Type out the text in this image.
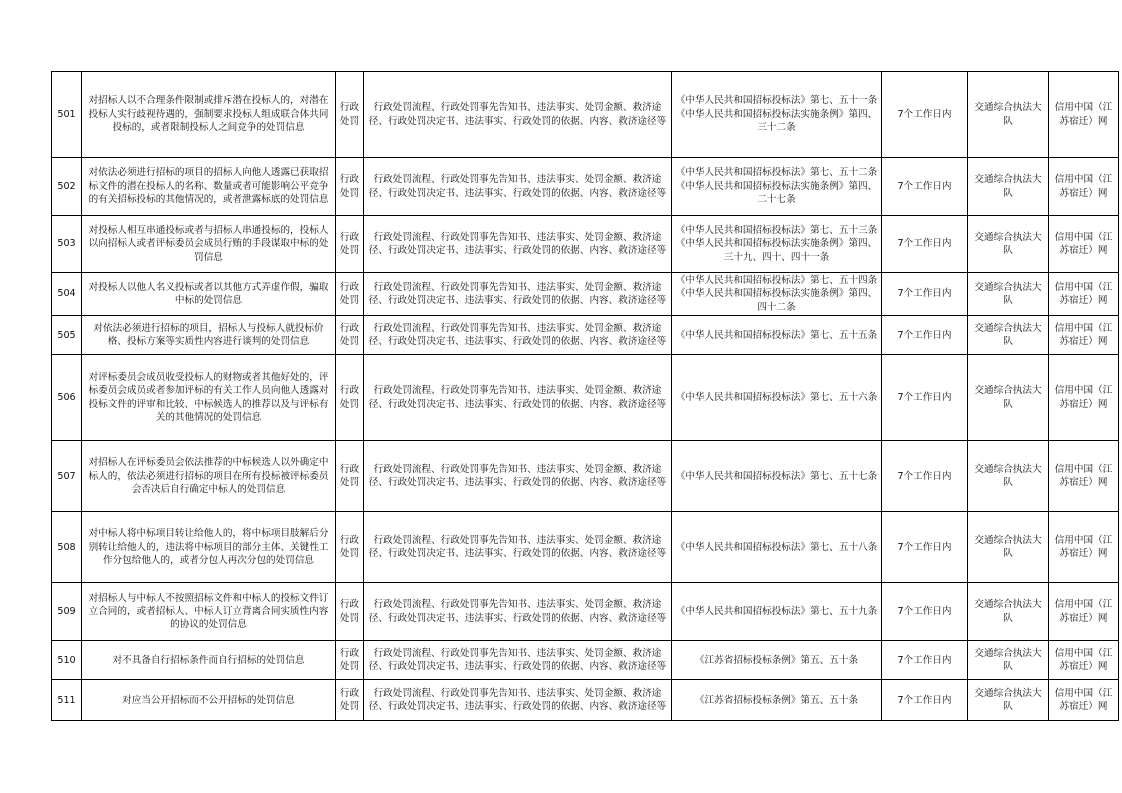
501	对招标人以不合理条件限制或排斥潜在投标人的，对潜在投标人实行歧视待遇的，强制要求投标人组成联合体共同投标的，或者限制投标人之间竞争的处罚信息	行政处罚	行政处罚流程、行政处罚事先告知书、违法事实、处罚金额、救济途径、行政处罚决定书、违法事实、行政处罚的依据、内容、救济途径等	《中华人民共和国招标投标法》第七、五十一条《中华人民共和国招标投标法实施条例》第四、三十二条	7个工作日内	交通综合执法大队	信用中国（江苏宿迁）网
502	对依法必须进行招标的项目的招标人向他人透露已获取招标文件的潜在投标人的名称、数量或者可能影响公平竞争的有关招标投标的其他情况的，或者泄露标底的处罚信息	行政处罚	行政处罚流程、行政处罚事先告知书、违法事实、处罚金额、救济途径、行政处罚决定书、违法事实、行政处罚的依据、内容、救济途径等	《中华人民共和国招标投标法》第七、五十二条《中华人民共和国招标投标法实施条例》第四、二十七条	7个工作日内	交通综合执法大队	信用中国（江苏宿迁）网
503	对投标人相互串通投标或者与招标人串通投标的，投标人以向招标人或者评标委员会成员行贿的手段谋取中标的处罚信息	行政处罚	行政处罚流程、行政处罚事先告知书、违法事实、处罚金额、救济途径、行政处罚决定书、违法事实、行政处罚的依据、内容、救济途径等	《中华人民共和国招标投标法》第七、五十三条《中华人民共和国招标投标法实施条例》第四、三十九、四十、四十一条	7个工作日内	交通综合执法大队	信用中国（江苏宿迁）网
504	对投标人以他人名义投标或者以其他方式弄虚作假，骗取中标的处罚信息	行政处罚	行政处罚流程、行政处罚事先告知书、违法事实、处罚金额、救济途径、行政处罚决定书、违法事实、行政处罚的依据、内容、救济途径等	《中华人民共和国招标投标法》第七、五十四条《中华人民共和国招标投标法实施条例》第四、四十二条	7个工作日内	交通综合执法大队	信用中国（江苏宿迁）网
505	对依法必须进行招标的项目，招标人与投标人就投标价格、投标方案等实质性内容进行谈判的处罚信息	行政处罚	行政处罚流程、行政处罚事先告知书、违法事实、处罚金额、救济途径、行政处罚决定书、违法事实、行政处罚的依据、内容、救济途径等	《中华人民共和国招标投标法》第七、五十五条	7个工作日内	交通综合执法大队	信用中国（江苏宿迁）网
506	对评标委员会成员收受投标人的财物或者其他好处的，评标委员会成员或者参加评标的有关工作人员向他人透露对投标文件的评审和比较、中标候选人的推荐以及与评标有关的其他情况的处罚信息	行政处罚	行政处罚流程、行政处罚事先告知书、违法事实、处罚金额、救济途径、行政处罚决定书、违法事实、行政处罚的依据、内容、救济途径等	《中华人民共和国招标投标法》第七、五十六条	7个工作日内	交通综合执法大队	信用中国（江苏宿迁）网
507	对招标人在评标委员会依法推荐的中标候选人以外确定中标人的，依法必须进行招标的项目在所有投标被评标委员会否决后自行确定中标人的处罚信息	行政处罚	行政处罚流程、行政处罚事先告知书、违法事实、处罚金额、救济途径、行政处罚决定书、违法事实、行政处罚的依据、内容、救济途径等	《中华人民共和国招标投标法》第七、五十七条	7个工作日内	交通综合执法大队	信用中国（江苏宿迁）网
508	对中标人将中标项目转让给他人的，将中标项目肢解后分别转让给他人的，违法将中标项目的部分主体、关键性工作分包给他人的，或者分包人再次分包的处罚信息	行政处罚	行政处罚流程、行政处罚事先告知书、违法事实、处罚金额、救济途径、行政处罚决定书、违法事实、行政处罚的依据、内容、救济途径等	《中华人民共和国招标投标法》第七、五十八条	7个工作日内	交通综合执法大队	信用中国（江苏宿迁）网
509	对招标人与中标人不按照招标文件和中标人的投标文件订立合同的，或者招标人、中标人订立背离合同实质性内容的协议的处罚信息	行政处罚	行政处罚流程、行政处罚事先告知书、违法事实、处罚金额、救济途径、行政处罚决定书、违法事实、行政处罚的依据、内容、救济途径等	《中华人民共和国招标投标法》第七、五十九条	7个工作日内	交通综合执法大队	信用中国（江苏宿迁）网
510	对不具备自行招标条件而自行招标的处罚信息	行政处罚	行政处罚流程、行政处罚事先告知书、违法事实、处罚金额、救济途径、行政处罚决定书、违法事实、行政处罚的依据、内容、救济途径等	《江苏省招标投标条例》第五、五十条	7个工作日内	交通综合执法大队	信用中国（江苏宿迁）网
511	对应当公开招标而不公开招标的处罚信息	行政处罚	行政处罚流程、行政处罚事先告知书、违法事实、处罚金额、救济途径、行政处罚决定书、违法事实、行政处罚的依据、内容、救济途径等	《江苏省招标投标条例》第五、五十条	7个工作日内	交通综合执法大队	信用中国（江苏宿迁）网
